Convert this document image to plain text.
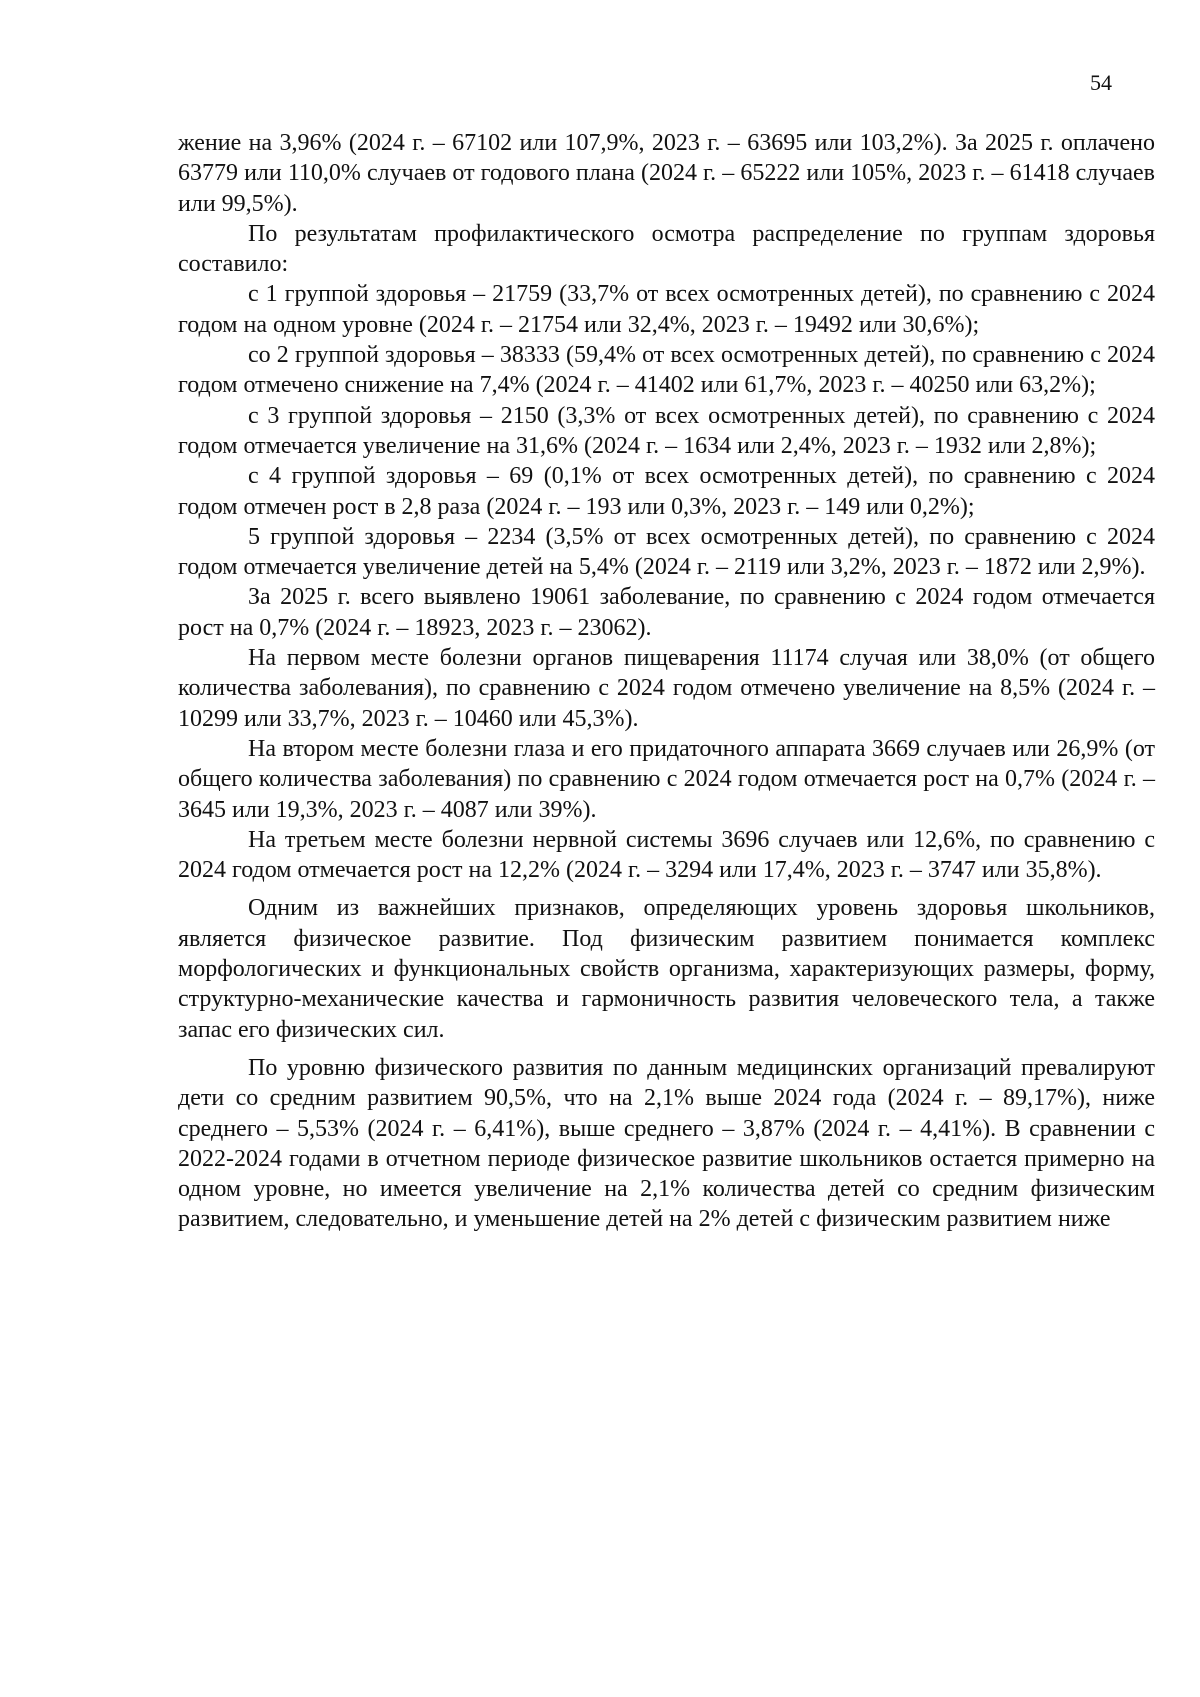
54

жение на 3,96% (2024 г. – 67102 или 107,9%, 2023 г. – 63695 или 103,2%). За 2025 г. оплачено 63779 или 110,0% случаев от годового плана (2024 г. – 65222 или 105%, 2023 г. – 61418 случаев или 99,5%).

По результатам профилактического осмотра распределение по группам здоровья составило:

с 1 группой здоровья – 21759 (33,7% от всех осмотренных детей), по сравнению с 2024 годом на одном уровне (2024 г. – 21754 или 32,4%, 2023 г. – 19492 или 30,6%);

со 2 группой здоровья – 38333 (59,4% от всех осмотренных детей), по сравнению с 2024 годом отмечено снижение на 7,4% (2024 г. – 41402 или 61,7%, 2023 г. – 40250 или 63,2%);

с 3 группой здоровья – 2150 (3,3% от всех осмотренных детей), по сравнению с 2024 годом отмечается увеличение на 31,6% (2024 г. – 1634 или 2,4%, 2023 г. – 1932 или 2,8%);

с 4 группой здоровья – 69 (0,1% от всех осмотренных детей), по сравнению с 2024 годом отмечен рост в 2,8 раза (2024 г. – 193 или 0,3%, 2023 г. – 149 или 0,2%);

5 группой здоровья – 2234 (3,5% от всех осмотренных детей), по сравнению с 2024 годом отмечается увеличение детей на 5,4% (2024 г. – 2119 или 3,2%, 2023 г. – 1872 или 2,9%).

За 2025 г. всего выявлено 19061 заболевание, по сравнению с 2024 годом отмечается рост на 0,7% (2024 г. – 18923, 2023 г. – 23062).

На первом месте болезни органов пищеварения 11174 случая или 38,0% (от общего количества заболевания), по сравнению с 2024 годом отмечено увеличение на 8,5% (2024 г. – 10299 или 33,7%, 2023 г. – 10460 или 45,3%).

На втором месте болезни глаза и его придаточного аппарата 3669 случаев или 26,9% (от общего количества заболевания) по сравнению с 2024 годом отмечается рост на 0,7% (2024 г. – 3645 или 19,3%, 2023 г. – 4087 или 39%).

На третьем месте болезни нервной системы 3696 случаев или 12,6%, по сравнению с 2024 годом отмечается рост на 12,2% (2024 г. – 3294 или 17,4%, 2023 г. – 3747 или 35,8%).

Одним из важнейших признаков, определяющих уровень здоровья школьников, является физическое развитие. Под физическим развитием понимается комплекс морфологических и функциональных свойств организма, характеризующих размеры, форму, структурно-механические качества и гармоничность развития человеческого тела, а также запас его физических сил.

По уровню физического развития по данным медицинских организаций превалируют дети со средним развитием 90,5%, что на 2,1% выше 2024 года (2024 г. – 89,17%), ниже среднего – 5,53% (2024 г. – 6,41%), выше среднего – 3,87% (2024 г. – 4,41%). В сравнении с 2022-2024 годами в отчетном периоде физическое развитие школьников остается примерно на одном уровне, но имеется увеличение на 2,1% количества детей со средним физическим развитием, следовательно, и уменьшение детей на 2% детей с физическим развитием ниже
